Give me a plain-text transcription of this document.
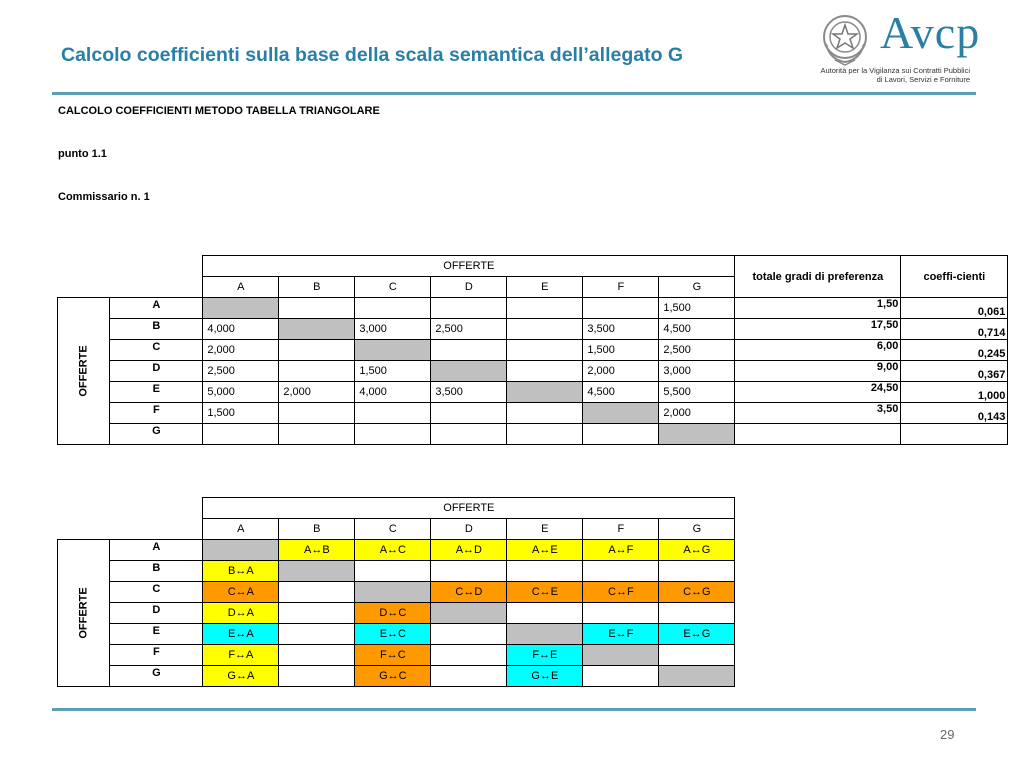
Calcolo coefficienti sulla base della scala semantica dell’allegato G	Avcp
Autorità per la Vigilanza sui Contratti Pubblici
di Lavori, Servizi e Forniture
CALCOLO COEFFICIENTI METODO TABELLA TRIANGOLARE
punto 1.1
Commissario n. 1
		OFFERTE							totale gradi di preferenza	coeffi-cienti
		A	B	C	D	E	F	G		
OFFERTE	A							1,500	1,50	0,061
	B	4,000		3,000	2,500		3,500	4,500	17,50	0,714
	C	2,000					1,500	2,500	6,00	0,245
	D	2,500		1,500			2,000	3,000	9,00	0,367
	E	5,000	2,000	4,000	3,500		4,500	5,500	24,50	1,000
	F	1,500						2,000	3,50	0,143
	G									
		OFFERTE						
		A	B	C	D	E	F	G
OFFERTE	A		A↔B	A↔C	A↔D	A↔E	A↔F	A↔G
	B	B↔A						
	C	C↔A			C↔D	C↔E	C↔F	C↔G
	D	D↔A		D↔C				
	E	E↔A		E↔C			E↔F	E↔G
	F	F↔A		F↔C		F↔E		
	G	G↔A		G↔C		G↔E		
29
